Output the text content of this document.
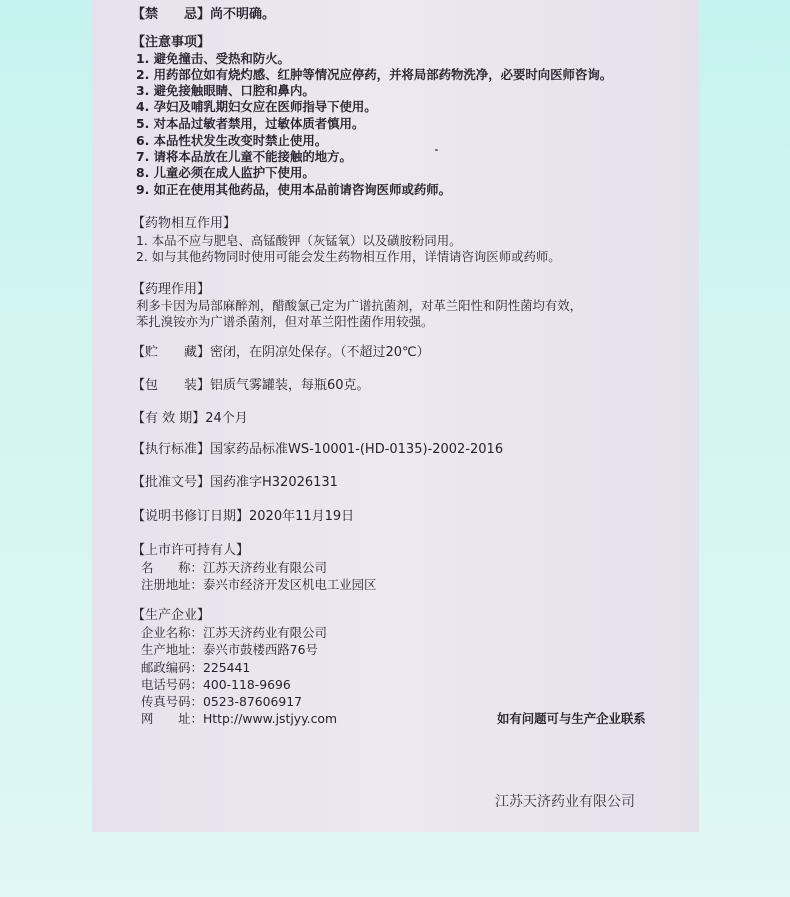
【禁　　忌】尚不明确。
【注意事项】
1. 避免撞击、受热和防火。
2. 用药部位如有烧灼感、红肿等情况应停药，并将局部药物洗净，必要时向医师咨询。
3. 避免接触眼睛、口腔和鼻内。
4. 孕妇及哺乳期妇女应在医师指导下使用。
5. 对本品过敏者禁用，过敏体质者慎用。
6. 本品性状发生改变时禁止使用。
7. 请将本品放在儿童不能接触的地方。
8. 儿童必须在成人监护下使用。
9. 如正在使用其他药品，使用本品前请咨询医师或药师。
【药物相互作用】
1. 本品不应与肥皂、高锰酸钾（灰锰氧）以及磺胺粉同用。
2. 如与其他药物同时使用可能会发生药物相互作用，详情请咨询医师或药师。
【药理作用】
利多卡因为局部麻醉剂，醋酸氯己定为广谱抗菌剂，对革兰阳性和阴性菌均有效，
苯扎溴铵亦为广谱杀菌剂，但对革兰阳性菌作用较强。
【贮　　藏】密闭，在阴凉处保存。（不超过20℃）
【包　　装】铝质气雾罐装，每瓶60克。
【有 效 期】24个月
【执行标准】国家药品标准WS-10001-(HD-0135)-2002-2016
【批准文号】国药准字H32026131
【说明书修订日期】2020年11月19日
【上市许可持有人】
名　　称：江苏天济药业有限公司
注册地址：泰兴市经济开发区机电工业园区
【生产企业】
企业名称：江苏天济药业有限公司
生产地址：泰兴市鼓楼西路76号
邮政编码：225441
电话号码：400-118-9696
传真号码：0523-87606917
网　　址：Http://www.jstjyy.com	如有问题可与生产企业联系
江苏天济药业有限公司
